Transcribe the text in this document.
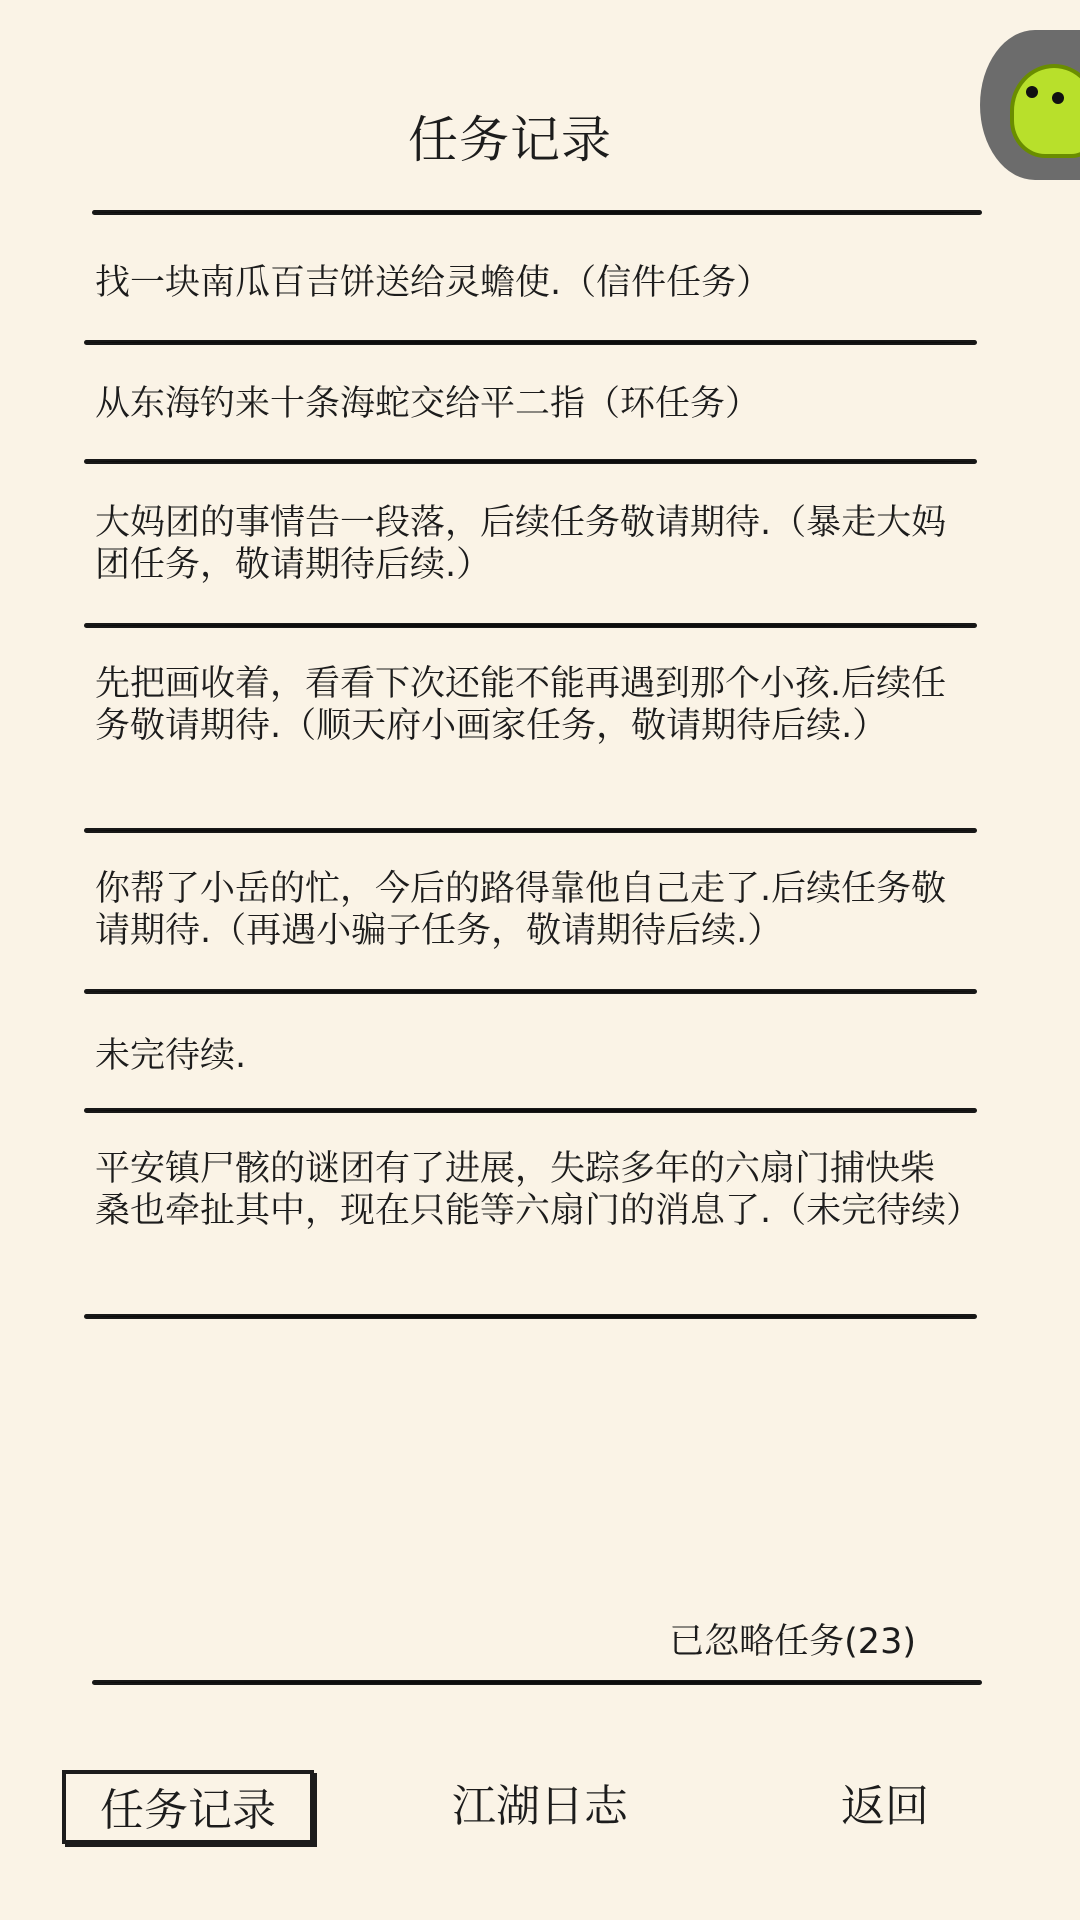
任务记录
找一块南瓜百吉饼送给灵蟾使.（信件任务）
从东海钓来十条海蛇交给平二指（环任务）
大妈团的事情告一段落，后续任务敬请期待.（暴走大妈团任务，敬请期待后续.）
先把画收着，看看下次还能不能再遇到那个小孩.后续任务敬请期待.（顺天府小画家任务，敬请期待后续.）
你帮了小岳的忙，今后的路得靠他自己走了.后续任务敬请期待.（再遇小骗子任务，敬请期待后续.）
未完待续.
平安镇尸骸的谜团有了进展，失踪多年的六扇门捕快柴桑也牵扯其中，现在只能等六扇门的消息了.（未完待续）
已忽略任务(23)
任务记录	江湖日志	返回
